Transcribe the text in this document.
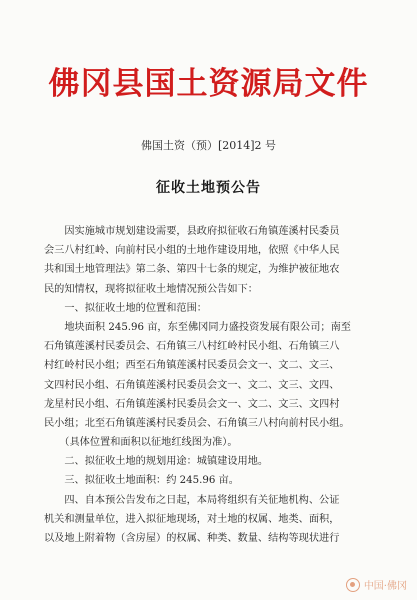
佛冈县国土资源局文件
佛国土资（预）[2014]2 号
征收土地预公告
　　因实施城市规划建设需要，县政府拟征收石角镇莲溪村民委员
会三八村红岭、向前村民小组的土地作建设用地，依照《中华人民
共和国土地管理法》第二条、第四十七条的规定，为维护被征地农
民的知情权，现将拟征收土地情况预公告如下：
　　一、拟征收土地的位置和范围：
　　地块面积 245.96 亩，东至佛冈同力盛投资发展有限公司；南至
石角镇莲溪村民委员会、石角镇三八村红岭村民小组、石角镇三八
村红岭村民小组；西至石角镇莲溪村民委员会文一、文二、文三、
文四村民小组、石角镇莲溪村民委员会文一、文二、文三、文四、
龙星村民小组、石角镇莲溪村民委员会文一、文二、文三、文四村
民小组；北至石角镇莲溪村民委员会、石角镇三八村向前村民小组。
　　（具体位置和面积以征地红线图为准）。
　　二、拟征收土地的规划用途：城镇建设用地。
　　三、拟征收土地面积：约 245.96 亩。
　　四、自本预公告发布之日起，本局将组织有关征地机构、公证
机关和测量单位，进入拟征地现场，对土地的权属、地类、面积，
以及地上附着物（含房屋）的权属、种类、数量、结构等现状进行
中国·佛冈
